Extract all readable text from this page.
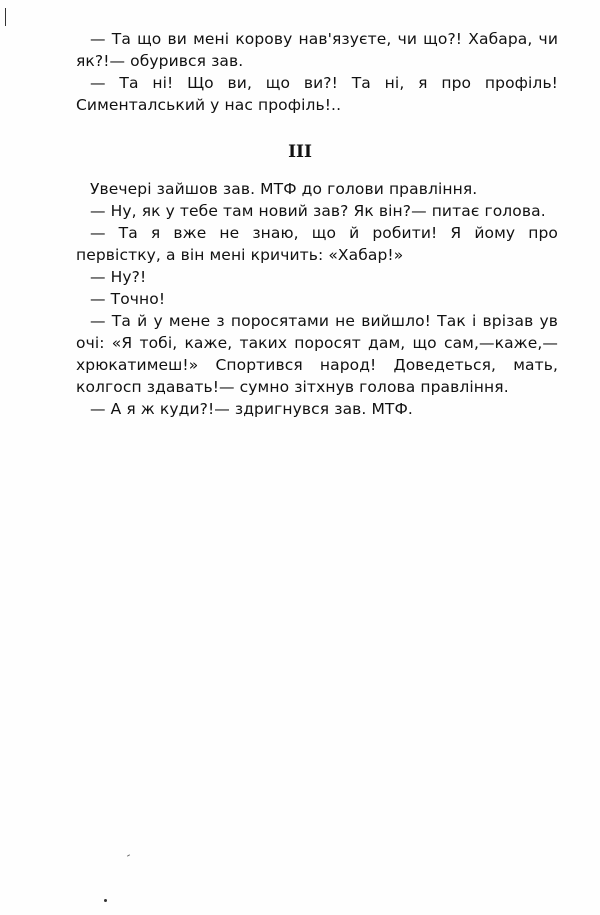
— Та що ви мені корову нав'язуєте, чи що?! Хабара, чи як?!— обурився зав.

— Та ні! Що ви, що ви?! Та ні, я про профіль! Сименталський у нас профіль!..

III

Увечері зайшов зав. МТФ до голови правління.

— Ну, як у тебе там новий зав? Як він?— питає голова.

— Та я вже не знаю, що й робити! Я йому про первістку, а він мені кричить: «Хабар!»

— Ну?!

— Точно!

— Та й у мене з поросятами не вийшло! Так і врізав ув очі: «Я тобі, каже, таких поросят дам, що сам,—каже,— хрюкатимеш!» Спортився народ! Доведеться, мать, колгосп здавать!— сумно зітхнув голова правління.

— А я ж куди?!— здригнувся зав. МТФ.
